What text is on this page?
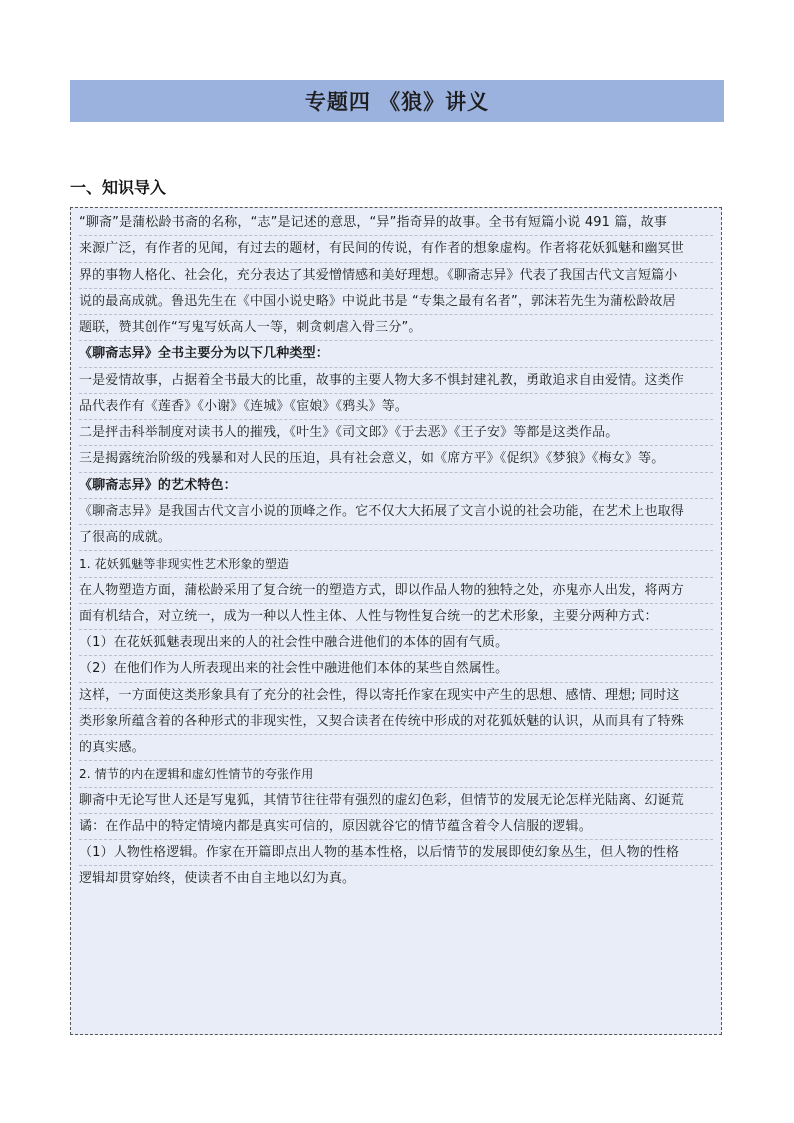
专题四 《狼》讲义
一、知识导入
“聊斋”是蒲松龄书斋的名称，“志”是记述的意思，“异”指奇异的故事。全书有短篇小说 491 篇，故事
来源广泛，有作者的见闻，有过去的题材，有民间的传说，有作者的想象虚构。作者将花妖狐魅和幽冥世
界的事物人格化、社会化，充分表达了其爱憎情感和美好理想。《聊斋志异》代表了我国古代文言短篇小
说的最高成就。鲁迅先生在《中国小说史略》中说此书是 “专集之最有名者”，郭沫若先生为蒲松龄故居
题联，赞其创作“写鬼写妖高人一等，刺贪刺虐入骨三分”。
《聊斋志异》全书主要分为以下几种类型：
一是爱情故事，占据着全书最大的比重，故事的主要人物大多不惧封建礼教，勇敢追求自由爱情。这类作
品代表作有《莲香》《小谢》《连城》《宦娘》《鸦头》等。
二是抨击科举制度对读书人的摧残，《叶生》《司文郎》《于去恶》《王子安》等都是这类作品。
三是揭露统治阶级的残暴和对人民的压迫，具有社会意义，如《席方平》《促织》《梦狼》《梅女》等。
《聊斋志异》的艺术特色：
《聊斋志异》是我国古代文言小说的顶峰之作。它不仅大大拓展了文言小说的社会功能，在艺术上也取得
了很高的成就。
1. 花妖狐魅等非现实性艺术形象的塑造
在人物塑造方面，蒲松龄采用了复合统一的塑造方式，即以作品人物的独特之处，亦鬼亦人出发，将两方
面有机结合，对立统一，成为一种以人性主体、人性与物性复合统一的艺术形象，主要分两种方式：
（1）在花妖狐魅表现出来的人的社会性中融合进他们的本体的固有气质。
（2）在他们作为人所表现出来的社会性中融进他们本体的某些自然属性。
这样，一方面使这类形象具有了充分的社会性，得以寄托作家在现实中产生的思想、感情、理想; 同时这
类形象所蕴含着的各种形式的非现实性，又契合读者在传统中形成的对花狐妖魅的认识，从而具有了特殊
的真实感。
2. 情节的内在逻辑和虚幻性情节的夸张作用
聊斋中无论写世人还是写鬼狐，其情节往往带有强烈的虚幻色彩，但情节的发展无论怎样光陆离、幻诞荒
谲：在作品中的特定情境内都是真实可信的，原因就谷它的情节蕴含着令人信服的逻辑。
（1）人物性格逻辑。作家在开篇即点出人物的基本性格，以后情节的发展即使幻象丛生，但人物的性格
逻辑却贯穿始终，使读者不由自主地以幻为真。
